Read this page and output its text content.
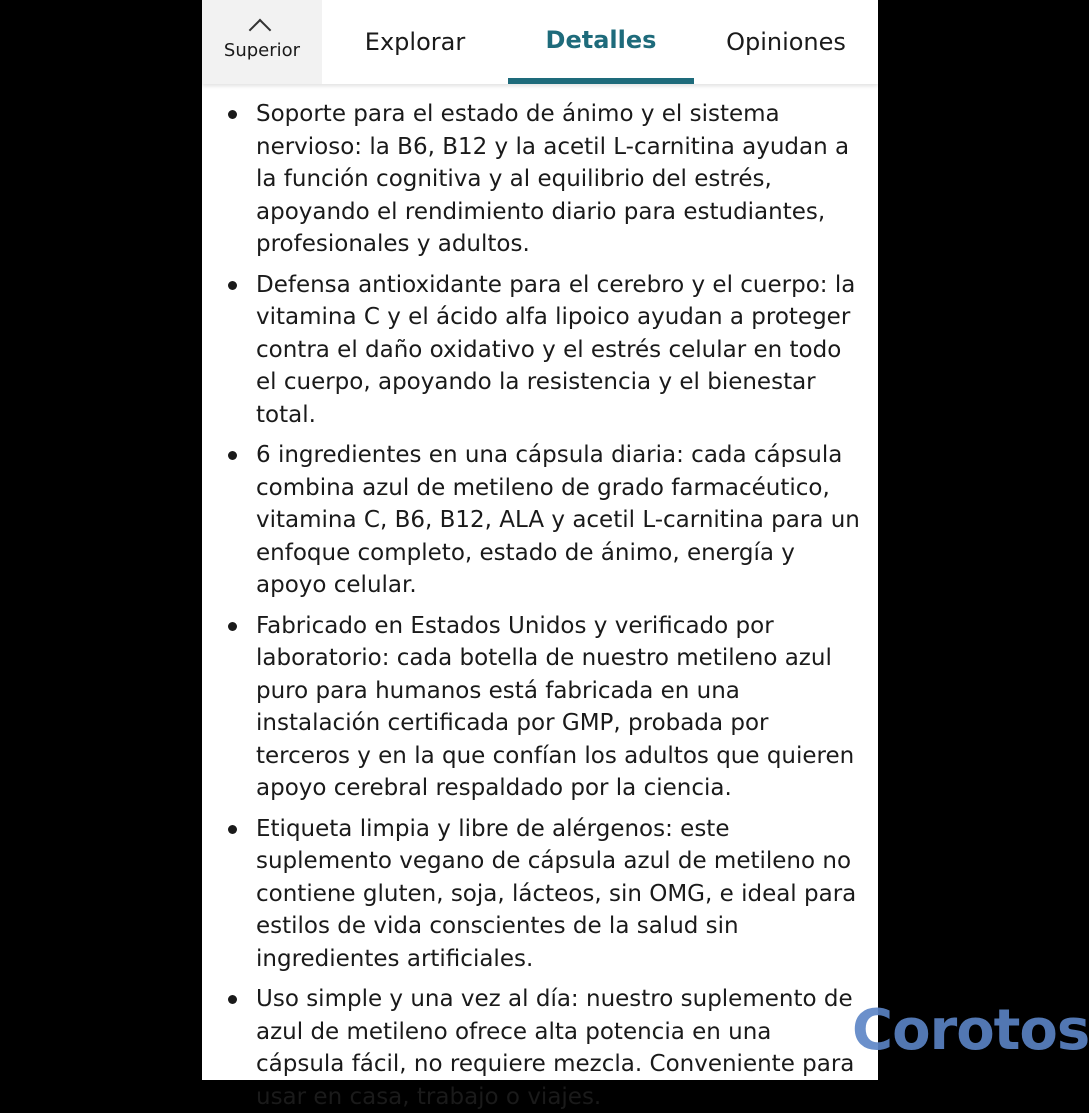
Superior	Explorar	Detalles	Opiniones
Soporte para el estado de ánimo y el sistema nervioso: la B6, B12 y la acetil L-carnitina ayudan a la función cognitiva y al equilibrio del estrés, apoyando el rendimiento diario para estudiantes, profesionales y adultos.
Defensa antioxidante para el cerebro y el cuerpo: la vitamina C y el ácido alfa lipoico ayudan a proteger contra el daño oxidativo y el estrés celular en todo el cuerpo, apoyando la resistencia y el bienestar total.
6 ingredientes en una cápsula diaria: cada cápsula combina azul de metileno de grado farmacéutico, vitamina C, B6, B12, ALA y acetil L-carnitina para un enfoque completo, estado de ánimo, energía y apoyo celular.
Fabricado en Estados Unidos y verificado por laboratorio: cada botella de nuestro metileno azul puro para humanos está fabricada en una instalación certificada por GMP, probada por terceros y en la que confían los adultos que quieren apoyo cerebral respaldado por la ciencia.
Etiqueta limpia y libre de alérgenos: este suplemento vegano de cápsula azul de metileno no contiene gluten, soja, lácteos, sin OMG, e ideal para estilos de vida conscientes de la salud sin ingredientes artificiales.
Uso simple y una vez al día: nuestro suplemento de azul de metileno ofrece alta potencia en una cápsula fácil, no requiere mezcla. Conveniente para usar en casa, trabajo o viajes.
Corotos
